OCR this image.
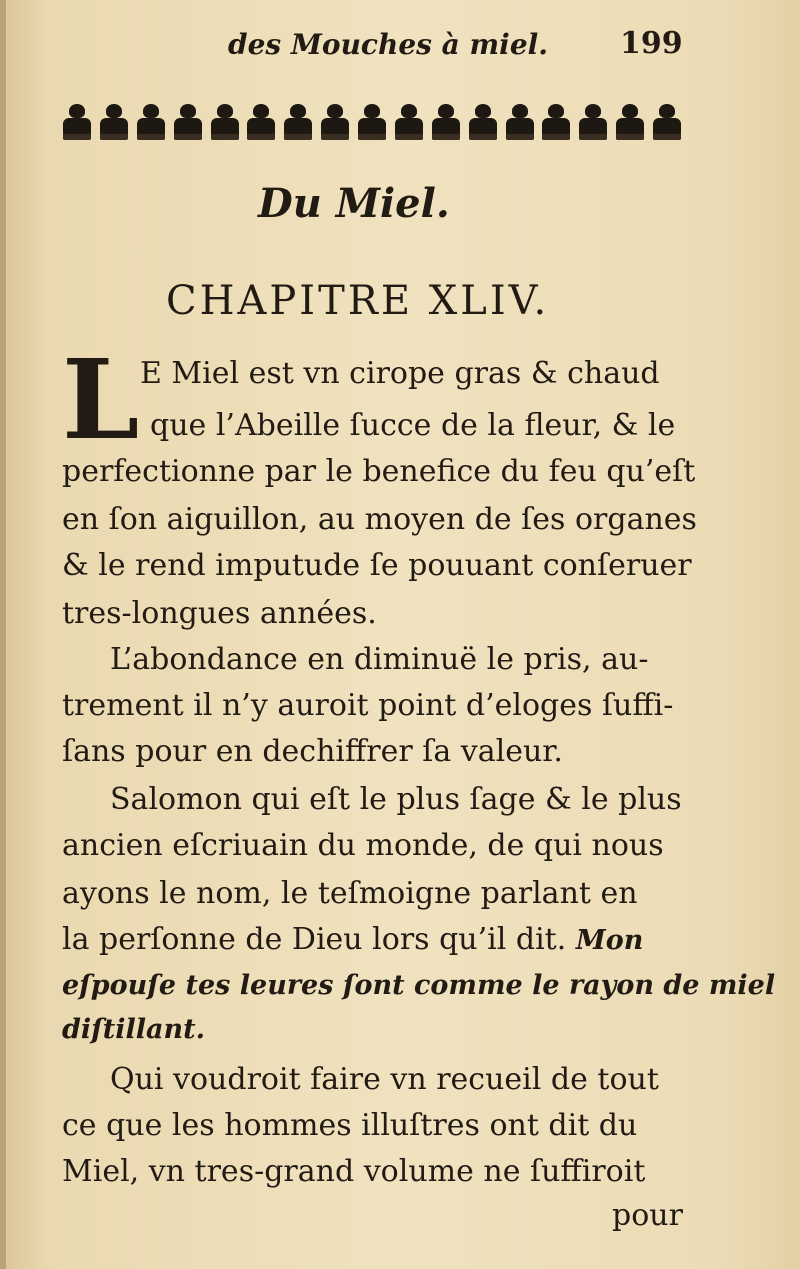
des Mouches à miel. 199
Du Miel.
CHAPITRE XLIV.
L E Miel est vn cirope gras & chaud
que l’Abeille ſucce de la fleur, & le
perfectionne par le benefice du feu qu’eſt
en ſon aiguillon, au moyen de ſes organes
& le rend imputude ſe pouuant conſeruer
tres-longues années.
L’abondance en diminuë le pris, au-
trement il n’y auroit point d’eloges ſuffi-
ſans pour en dechiffrer ſa valeur.
Salomon qui eſt le plus ſage & le plus
ancien eſcriuain du monde, de qui nous
ayons le nom, le teſmoigne parlant en
la perſonne de Dieu lors qu’il dit. Mon
eſpouſe tes leures ſont comme le rayon de miel
diſtillant.
Qui voudroit faire vn recueil de tout
ce que les hommes illuſtres ont dit du
Miel, vn tres-grand volume ne ſuffiroit
pour
